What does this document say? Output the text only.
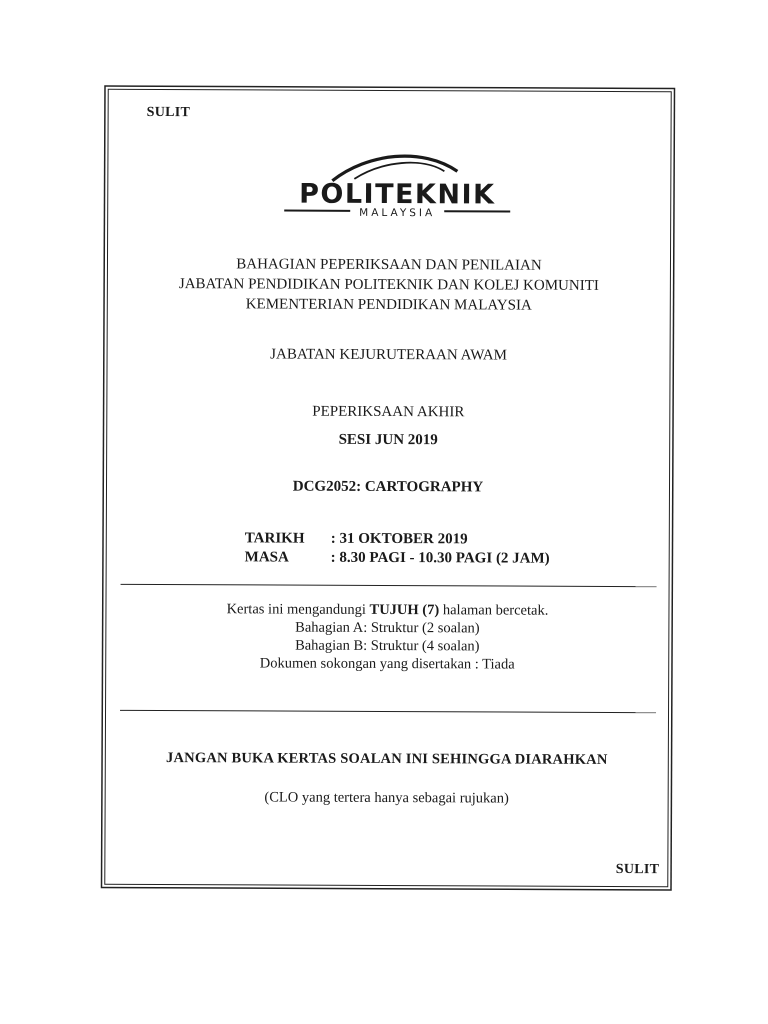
SULIT
POLITEKNIK
MALAYSIA
BAHAGIAN PEPERIKSAAN DAN PENILAIAN
JABATAN PENDIDIKAN POLITEKNIK DAN KOLEJ KOMUNITI
KEMENTERIAN PENDIDIKAN MALAYSIA
JABATAN KEJURUTERAAN AWAM
PEPERIKSAAN AKHIR
SESI JUN 2019
DCG2052: CARTOGRAPHY
TARIKH	: 31 OKTOBER 2019
MASA	: 8.30 PAGI - 10.30 PAGI (2 JAM)
Kertas ini mengandungi TUJUH (7) halaman bercetak.
Bahagian A: Struktur (2 soalan)
Bahagian B: Struktur (4 soalan)
Dokumen sokongan yang disertakan : Tiada
JANGAN BUKA KERTAS SOALAN INI SEHINGGA DIARAHKAN
(CLO yang tertera hanya sebagai rujukan)
SULIT
